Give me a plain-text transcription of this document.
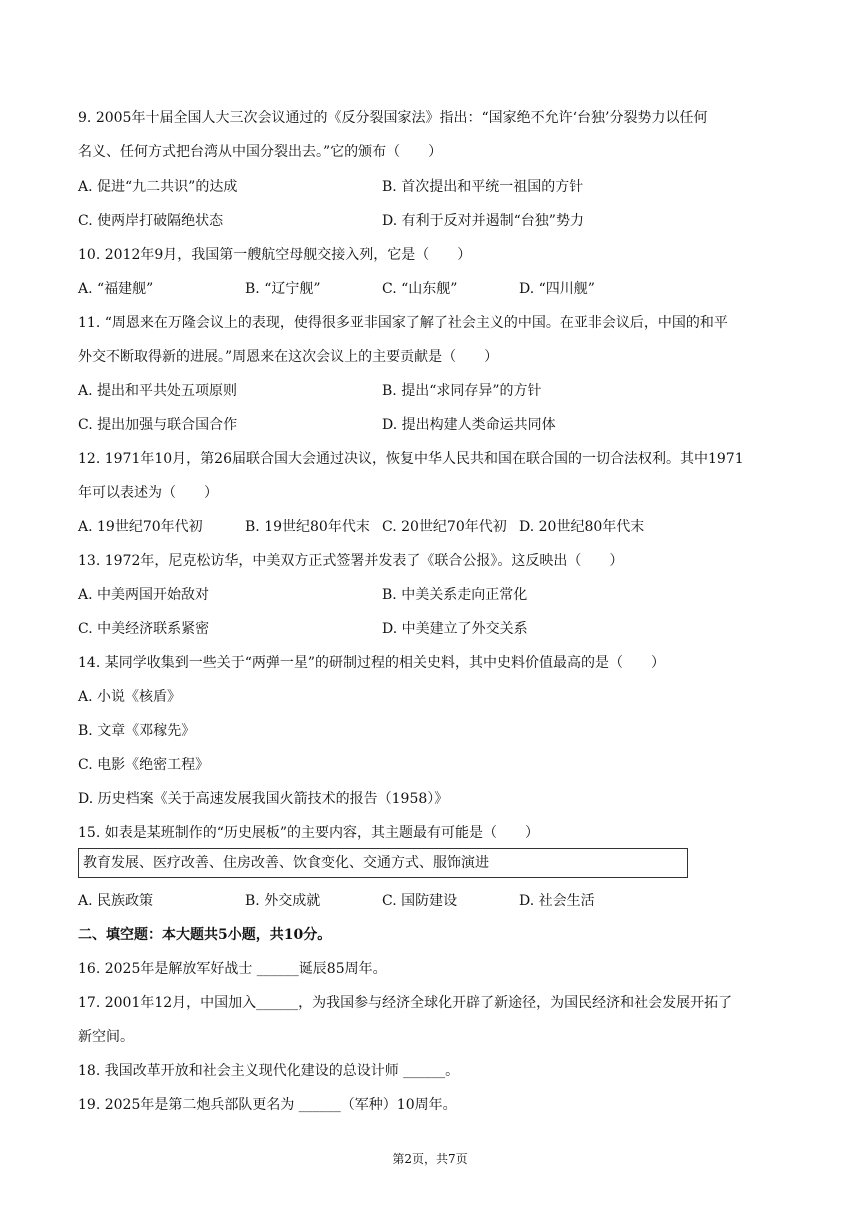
9. 2005年十届全国人大三次会议通过的《反分裂国家法》指出：“国家绝不允许‘台独’分裂势力以任何
名义、任何方式把台湾从中国分裂出去。”它的颁布（　　）
A. 促进“九二共识”的达成	B. 首次提出和平统一祖国的方针
C. 使两岸打破隔绝状态	D. 有利于反对并遏制“台独”势力
10. 2012年9月，我国第一艘航空母舰交接入列，它是（　　）
A. “福建舰”	B. “辽宁舰”	C. “山东舰”	D. “四川舰”
11. “周恩来在万隆会议上的表现，使得很多亚非国家了解了社会主义的中国。在亚非会议后，中国的和平
外交不断取得新的进展。”周恩来在这次会议上的主要贡献是（　　）
A. 提出和平共处五项原则	B. 提出“求同存异”的方针
C. 提出加强与联合国合作	D. 提出构建人类命运共同体
12. 1971年10月，第26届联合国大会通过决议，恢复中华人民共和国在联合国的一切合法权利。其中1971
年可以表述为（　　）
A. 19世纪70年代初	B. 19世纪80年代末 C. 20世纪70年代初 D. 20世纪80年代末
13. 1972年，尼克松访华，中美双方正式签署并发表了《联合公报》。这反映出（　　）
A. 中美两国开始敌对	B. 中美关系走向正常化
C. 中美经济联系紧密	D. 中美建立了外交关系
14. 某同学收集到一些关于“两弹一星”的研制过程的相关史料，其中史料价值最高的是（　　）
A. 小说《核盾》
B. 文章《邓稼先》
C. 电影《绝密工程》
D. 历史档案《关于高速发展我国火箭技术的报告（1958）》
15. 如表是某班制作的“历史展板”的主要内容，其主题最有可能是（　　）
教育发展、医疗改善、住房改善、饮食变化、交通方式、服饰演进
A. 民族政策	B. 外交成就	C. 国防建设	D. 社会生活
二、填空题：本大题共5小题，共10分。
16. 2025年是解放军好战士 ______诞辰85周年。
17. 2001年12月，中国加入______，为我国参与经济全球化开辟了新途径，为国民经济和社会发展开拓了
新空间。
18. 我国改革开放和社会主义现代化建设的总设计师 ______。
19. 2025年是第二炮兵部队更名为 ______（军种）10周年。
第2页，共7页
